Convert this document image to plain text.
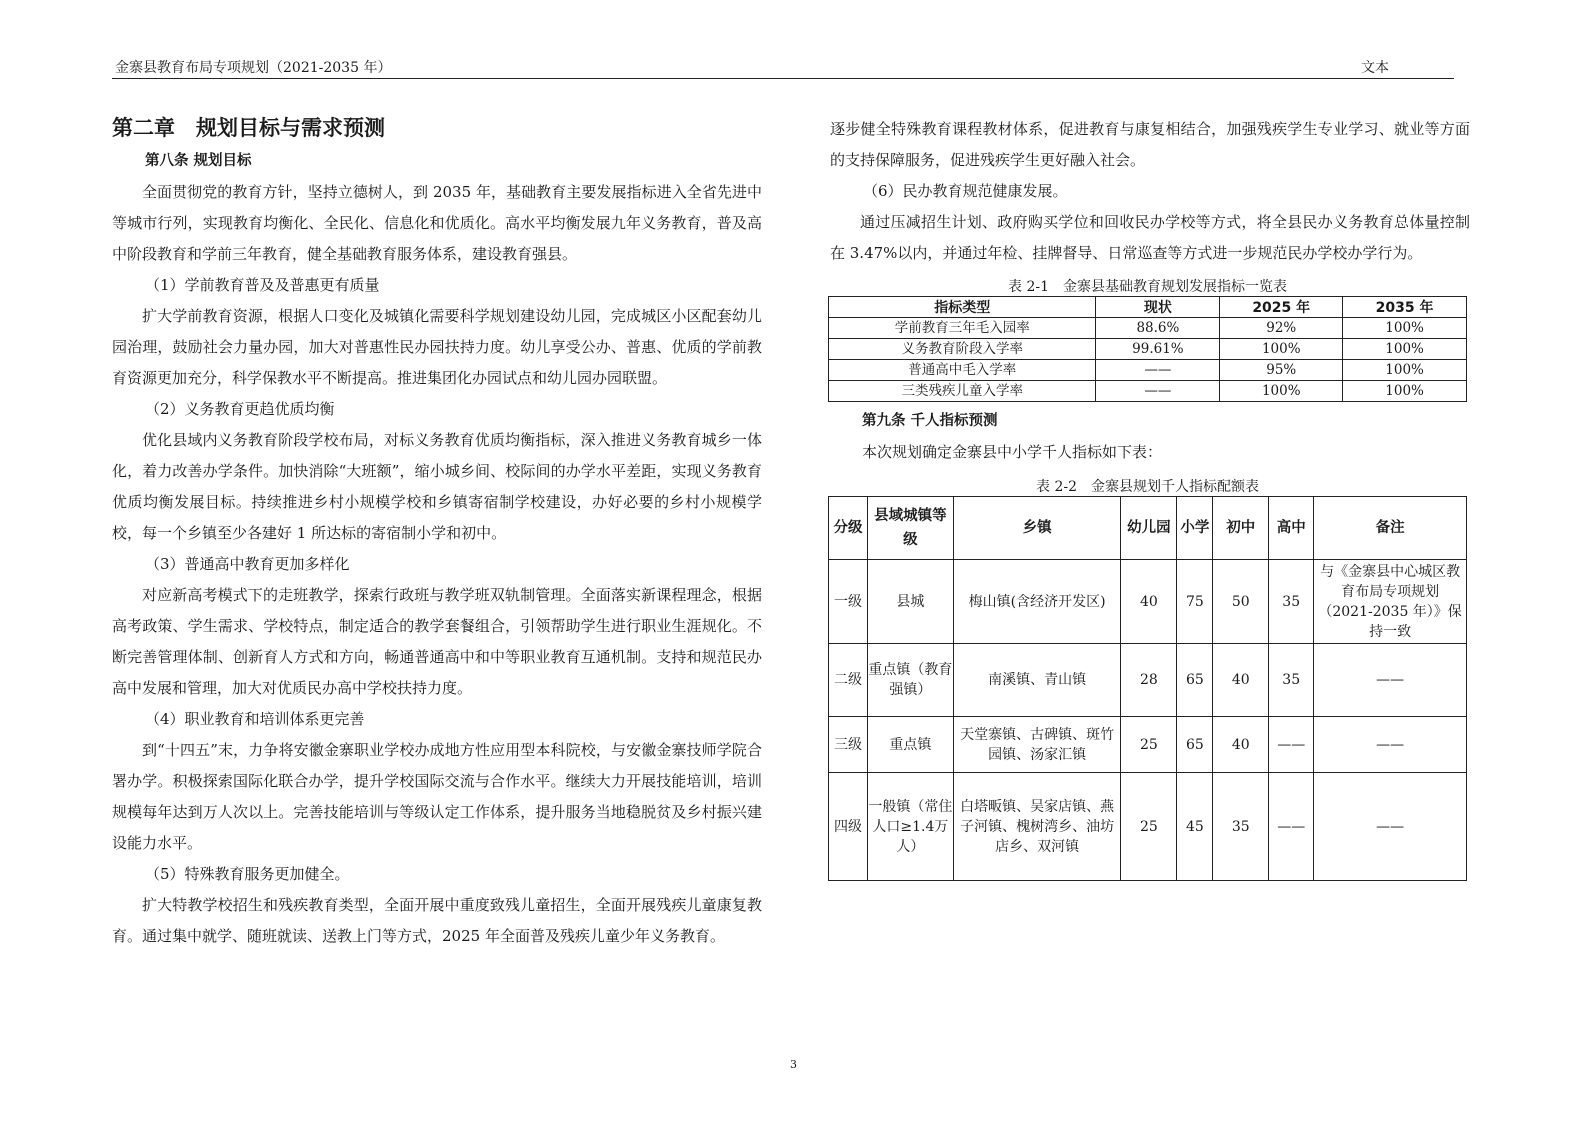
金寨县教育布局专项规划（2021-2035 年）	文本

第二章　规划目标与需求预测

第八条 规划目标

全面贯彻党的教育方针，坚持立德树人，到 2035 年，基础教育主要发展指标进入全省先进中等城市行列，实现教育均衡化、全民化、信息化和优质化。高水平均衡发展九年义务教育，普及高中阶段教育和学前三年教育，健全基础教育服务体系，建设教育强县。

（1）学前教育普及及普惠更有质量

扩大学前教育资源，根据人口变化及城镇化需要科学规划建设幼儿园，完成城区小区配套幼儿园治理，鼓励社会力量办园，加大对普惠性民办园扶持力度。幼儿享受公办、普惠、优质的学前教育资源更加充分，科学保教水平不断提高。推进集团化办园试点和幼儿园办园联盟。

（2）义务教育更趋优质均衡

优化县域内义务教育阶段学校布局，对标义务教育优质均衡指标，深入推进义务教育城乡一体化，着力改善办学条件。加快消除“大班额”，缩小城乡间、校际间的办学水平差距，实现义务教育优质均衡发展目标。持续推进乡村小规模学校和乡镇寄宿制学校建设，办好必要的乡村小规模学校，每一个乡镇至少各建好 1 所达标的寄宿制小学和初中。

（3）普通高中教育更加多样化

对应新高考模式下的走班教学，探索行政班与教学班双轨制管理。全面落实新课程理念，根据高考政策、学生需求、学校特点，制定适合的教学套餐组合，引领帮助学生进行职业生涯规化。不断完善管理体制、创新育人方式和方向，畅通普通高中和中等职业教育互通机制。支持和规范民办高中发展和管理，加大对优质民办高中学校扶持力度。

（4）职业教育和培训体系更完善

到“十四五”末，力争将安徽金寨职业学校办成地方性应用型本科院校，与安徽金寨技师学院合署办学。积极探索国际化联合办学，提升学校国际交流与合作水平。继续大力开展技能培训，培训规模每年达到万人次以上。完善技能培训与等级认定工作体系，提升服务当地稳脱贫及乡村振兴建设能力水平。

（5）特殊教育服务更加健全。

扩大特教学校招生和残疾教育类型，全面开展中重度致残儿童招生，全面开展残疾儿童康复教育。通过集中就学、随班就读、送教上门等方式，2025 年全面普及残疾儿童少年义务教育。

逐步健全特殊教育课程教材体系，促进教育与康复相结合，加强残疾学生专业学习、就业等方面的支持保障服务，促进残疾学生更好融入社会。

（6）民办教育规范健康发展。

通过压减招生计划、政府购买学位和回收民办学校等方式，将全县民办义务教育总体量控制在 3.47%以内，并通过年检、挂牌督导、日常巡查等方式进一步规范民办学校办学行为。

表 2-1　金寨县基础教育规划发展指标一览表
指标类型	现状	2025 年	2035 年
学前教育三年毛入园率	88.6%	92%	100%
义务教育阶段入学率	99.61%	100%	100%
普通高中毛入学率	——	95%	100%
三类残疾儿童入学率	——	100%	100%
第九条 千人指标预测
本次规划确定金寨县中小学千人指标如下表：
表 2-2　金寨县规划千人指标配额表
分级	县域城镇等级	乡镇	幼儿园	小学	初中	高中	备注
一级	县城	梅山镇(含经济开发区)	40	75	50	35	与《金寨县中心城区教育布局专项规划（2021-2035 年）》保持一致
二级	重点镇（教育强镇）	南溪镇、青山镇	28	65	40	35	——
三级	重点镇	天堂寨镇、古碑镇、斑竹园镇、汤家汇镇	25	65	40	——	——
四级	一般镇（常住人口≥1.4万人）	白塔畈镇、吴家店镇、燕子河镇、槐树湾乡、油坊店乡、双河镇	25	45	35	——	——
3
